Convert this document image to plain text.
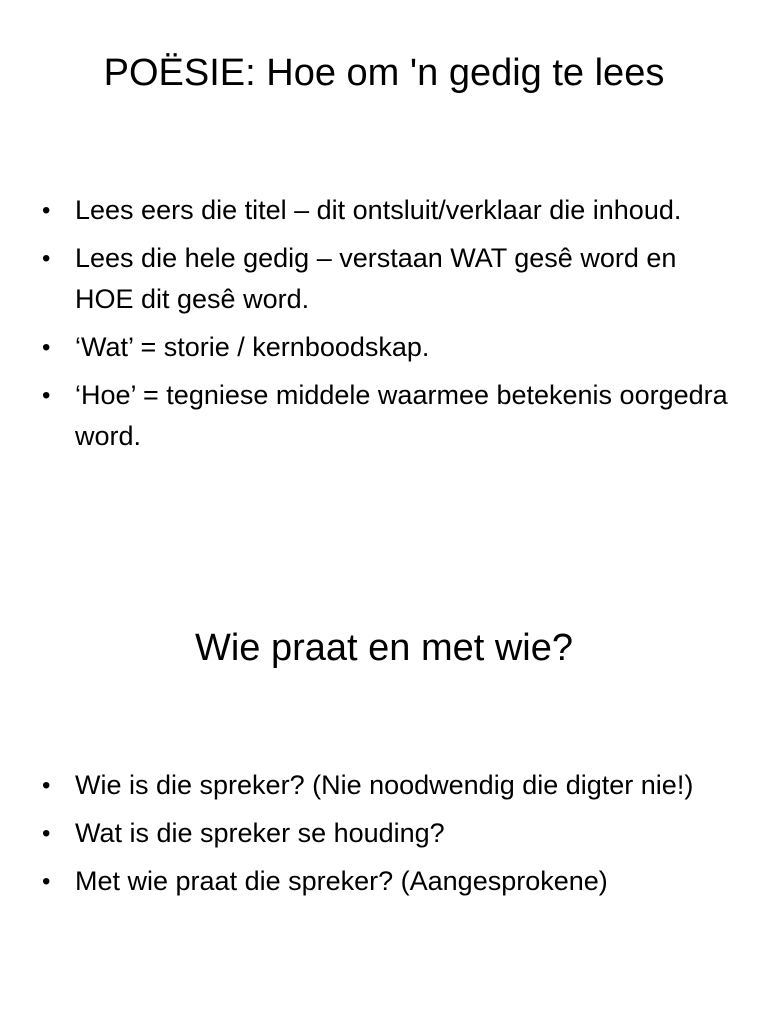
POËSIE: Hoe om 'n gedig te lees
• Lees eers die titel – dit ontsluit/verklaar die inhoud.
• Lees die hele gedig – verstaan WAT gesê word en HOE dit gesê word.
• ‘Wat’ = storie / kernboodskap.
• ‘Hoe’ = tegniese middele waarmee betekenis oorgedra word.
Wie praat en met wie?
• Wie is die spreker? (Nie noodwendig die digter nie!)
• Wat is die spreker se houding?
• Met wie praat die spreker? (Aangesprokene)
